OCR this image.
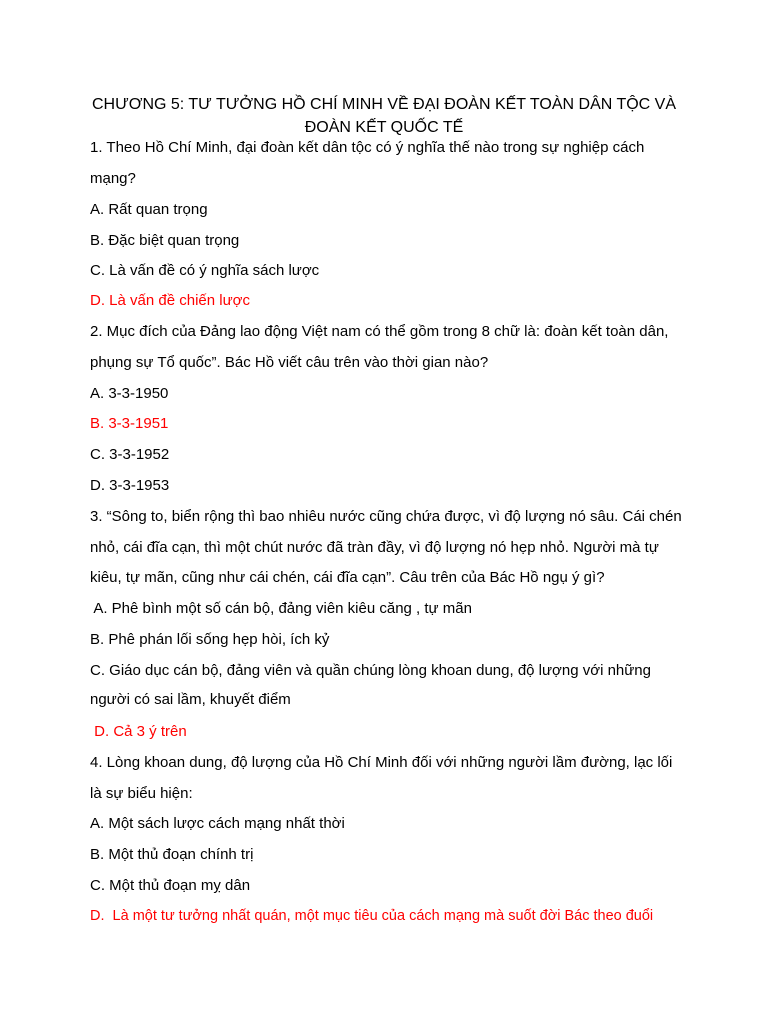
CHƯƠNG 5: TƯ TƯỞNG HỒ CHÍ MINH VỀ ĐẠI ĐOÀN KẾT TOÀN DÂN TỘC VÀ
ĐOÀN KẾT QUỐC TẾ
1. Theo Hồ Chí Minh, đại đoàn kết dân tộc có ý nghĩa thế nào trong sự nghiệp cách
mạng?
A. Rất quan trọng
B. Đặc biệt quan trọng
C. Là vấn đề có ý nghĩa sách lược
D. Là vấn đề chiến lược
2. Mục đích của Đảng lao động Việt nam có thể gồm trong 8 chữ là: đoàn kết toàn dân,
phụng sự Tổ quốc”. Bác Hồ viết câu trên vào thời gian nào?
A. 3-3-1950
B. 3-3-1951
C. 3-3-1952
D. 3-3-1953
3. “Sông to, biển rộng thì bao nhiêu nước cũng chứa được, vì độ lượng nó sâu. Cái chén
nhỏ, cái đĩa cạn, thì một chút nước đã tràn đầy, vì độ lượng nó hẹp nhỏ. Người mà tự
kiêu, tự mãn, cũng như cái chén, cái đĩa cạn”. Câu trên của Bác Hồ ngụ ý gì?
A. Phê bình một số cán bộ, đảng viên kiêu căng , tự mãn
B. Phê phán lối sống hẹp hòi, ích kỷ
C. Giáo dục cán bộ, đảng viên và quần chúng lòng khoan dung, độ lượng với những
người có sai lầm, khuyết điểm
D. Cả 3 ý trên
4. Lòng khoan dung, độ lượng của Hồ Chí Minh đối với những người lầm đường, lạc lối
là sự biểu hiện:
A. Một sách lược cách mạng nhất thời
B. Một thủ đoạn chính trị
C. Một thủ đoạn mỵ dân
D.  Là một tư tưởng nhất quán, một mục tiêu của cách mạng mà suốt đời Bác theo đuổi
